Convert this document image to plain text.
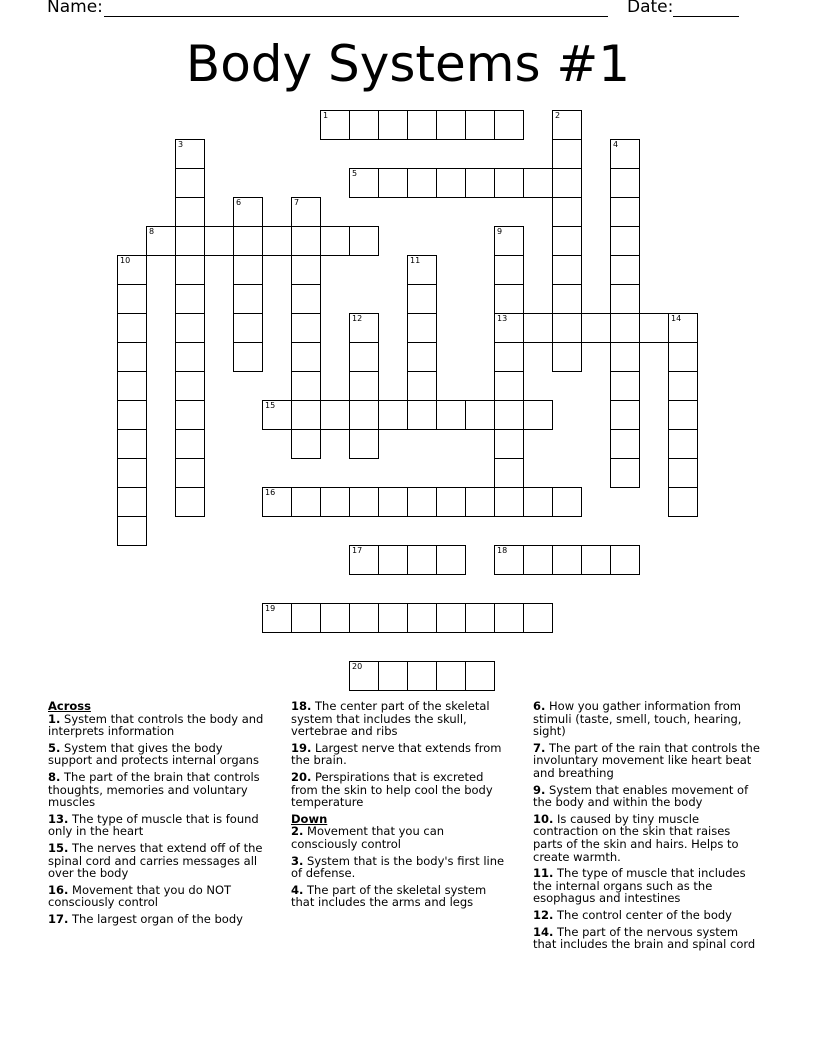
Name:	Date:
Body Systems #1
1	2
3	4
5
6	7
8	9
13
10	11
12	14
15
16
17	18
19
20

Across

1. System that controls the body and interprets information

5. System that gives the body support and protects internal organs

8. The part of the brain that controls thoughts, memories and voluntary muscles

13. The type of muscle that is found only in the heart

15. The nerves that extend off of the spinal cord and carries messages all over the body

16. Movement that you do NOT consciously control

17. The largest organ of the body

18. The center part of the skeletal system that includes the skull, vertebrae and ribs

19. Largest nerve that extends from the brain.

20. Perspirations that is excreted from the skin to help cool the body temperature

Down

2. Movement that you can consciously control

3. System that is the body's first line of defense.

4. The part of the skeletal system that includes the arms and legs

6. How you gather information from stimuli (taste, smell, touch, hearing, sight)

7. The part of the rain that controls the involuntary movement like heart beat and breathing

9. System that enables movement of the body and within the body

10. Is caused by tiny muscle contraction on the skin that raises parts of the skin and hairs. Helps to create warmth.

11. The type of muscle that includes the internal organs such as the esophagus and intestines

12. The control center of the body

14. The part of the nervous system that includes the brain and spinal cord
